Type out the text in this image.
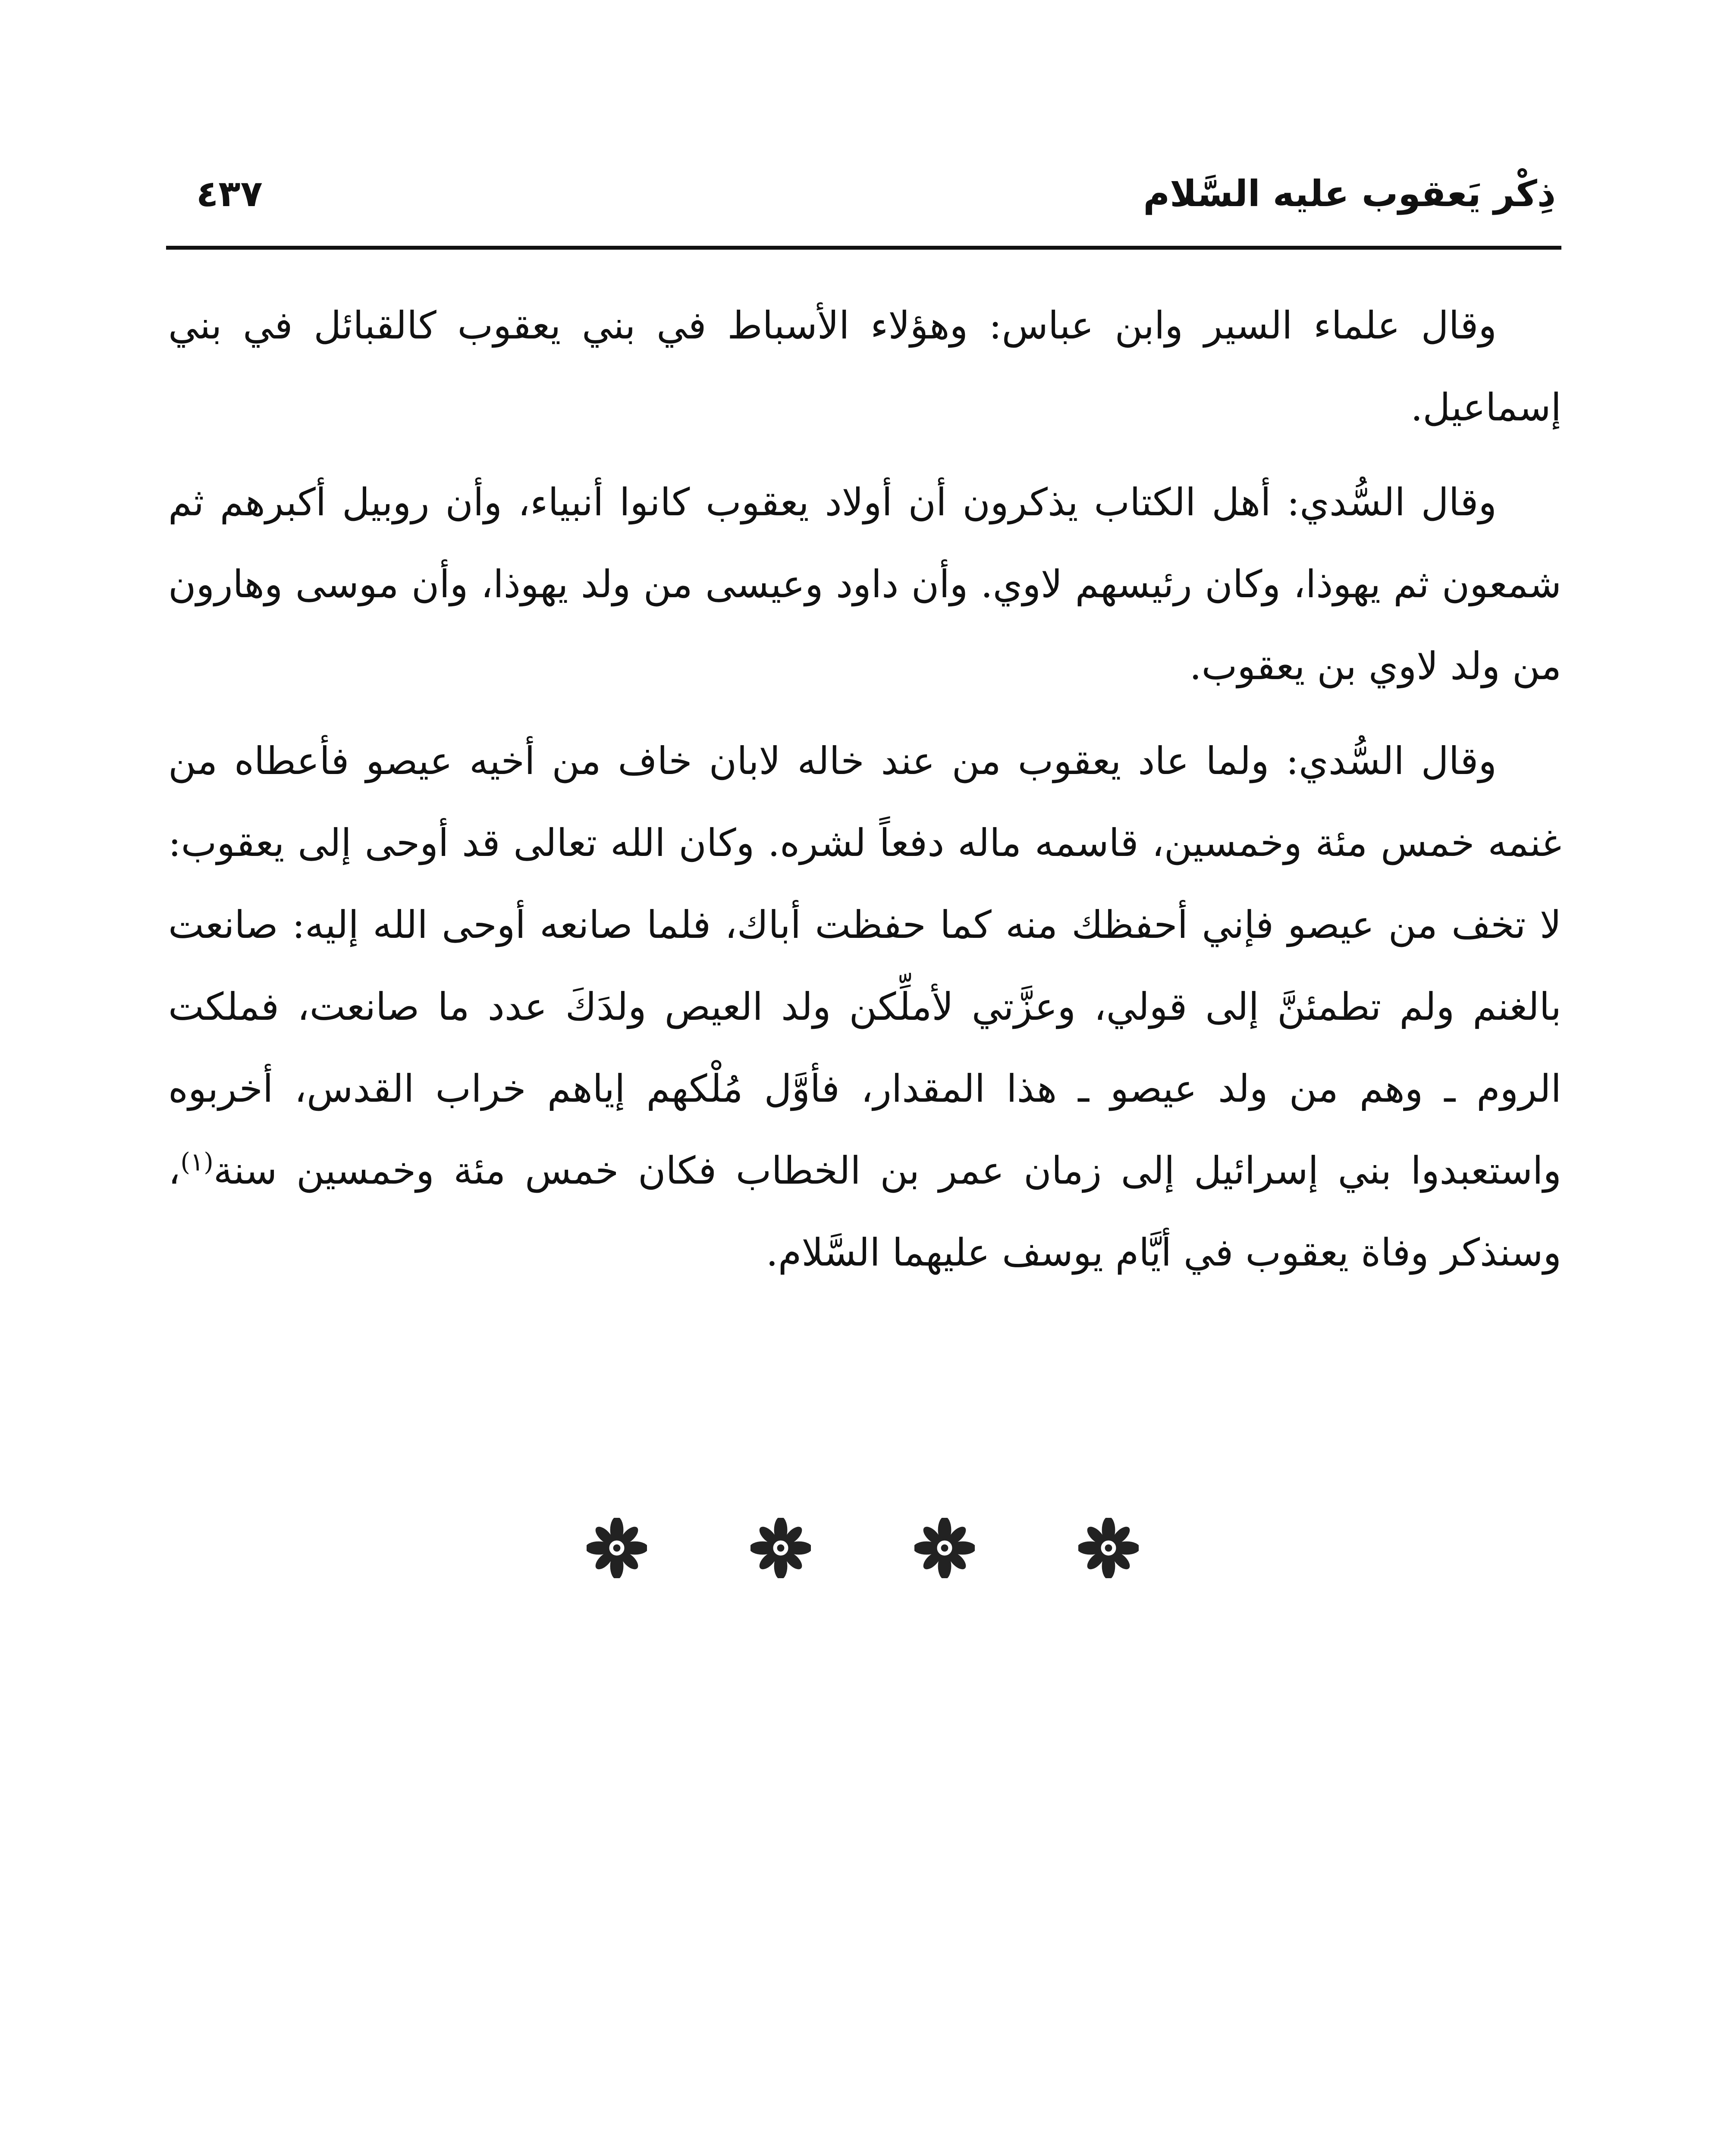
ذِكْر يَعقوب عليه السَّلام
٤٣٧

وقال علماء السير وابن عباس: وهؤلاء الأسباط في بني يعقوب كالقبائل في بني إسماعيل.

وقال السُّدي: أهل الكتاب يذكرون أن أولاد يعقوب كانوا أنبياء، وأن روبيل أكبرهم ثم شمعون ثم يهوذا، وكان رئيسهم لاوي. وأن داود وعيسى من ولد يهوذا، وأن موسى وهارون من ولد لاوي بن يعقوب.

وقال السُّدي: ولما عاد يعقوب من عند خاله لابان خاف من أخيه عيصو فأعطاه من غنمه خمس مئة وخمسين، قاسمه ماله دفعاً لشره. وكان الله تعالى قد أوحى إلى يعقوب: لا تخف من عيصو فإني أحفظك منه كما حفظت أباك، فلما صانعه أوحى الله إليه: صانعت بالغنم ولم تطمئنَّ إلى قولي، وعزَّتي لأملِّكن ولد العيص ولدَكَ عدد ما صانعت، فملكت الروم ـ وهم من ولد عيصو ـ هذا المقدار، فأوَّل مُلْكهم إياهم خراب القدس، أخربوه واستعبدوا بني إسرائيل إلى زمان عمر بن الخطاب فكان خمس مئة وخمسين سنة$^{(١)}$، وسنذكر وفاة يعقوب في أيَّام يوسف عليهما السَّلام.
